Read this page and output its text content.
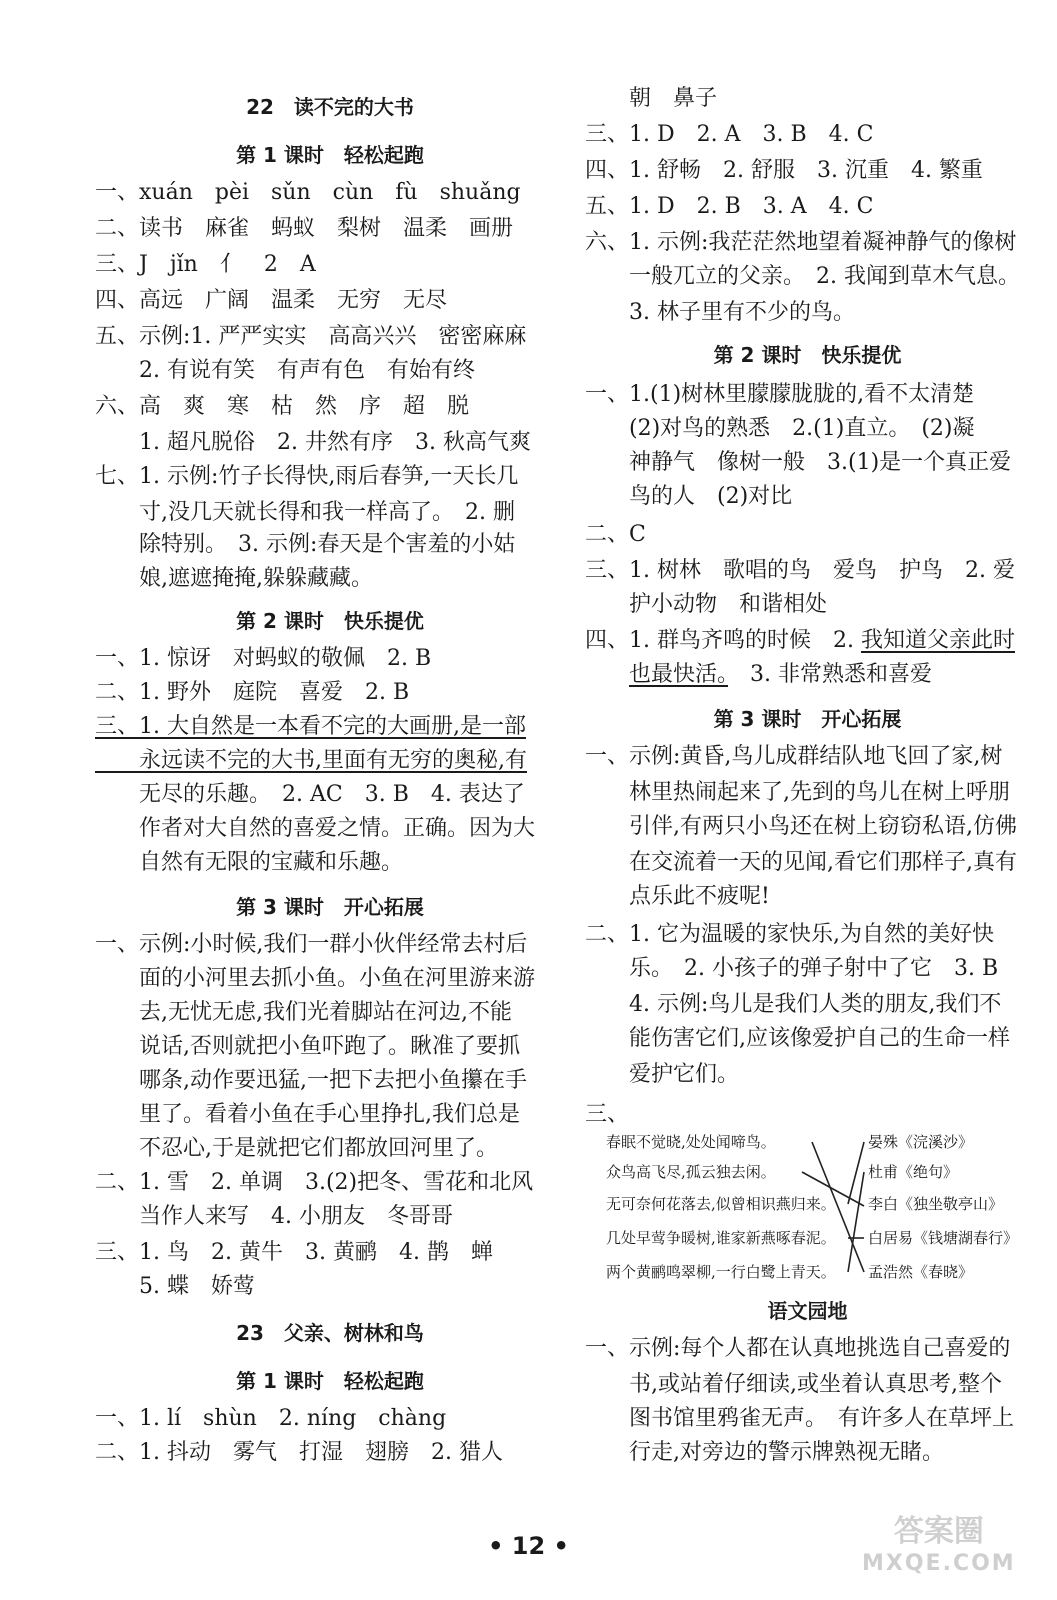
22　读不完的大书
第 1 课时　轻松起跑
一、xuán　pèi　sǔn　cùn　fù　shuǎng
二、读书　麻雀　蚂蚁　梨树　温柔　画册
三、J　jǐn　亻　2　A
四、高远　广阔　温柔　无穷　无尽
五、示例:1. 严严实实　高高兴兴　密密麻麻
　　2. 有说有笑　有声有色　有始有终
六、高　爽　寒　枯　然　序　超　脱
　　1. 超凡脱俗　2. 井然有序　3. 秋高气爽
七、1. 示例:竹子长得快,雨后春笋,一天长几
　　寸,没几天就长得和我一样高了。　2. 删
　　除特别。　3. 示例:春天是个害羞的小姑
　　娘,遮遮掩掩,躲躲藏藏。
第 2 课时　快乐提优
一、1. 惊讶　对蚂蚁的敬佩　2. B
二、1. 野外　庭院　喜爱　2. B
三、1. 大自然是一本看不完的大画册,是一部
　　永远读不完的大书,里面有无穷的奥秘,有
　　无尽的乐趣。　2. AC　3. B　4. 表达了
　　作者对大自然的喜爱之情。正确。因为大
　　自然有无限的宝藏和乐趣。
第 3 课时　开心拓展
一、示例:小时候,我们一群小伙伴经常去村后
　　面的小河里去抓小鱼。小鱼在河里游来游
　　去,无忧无虑,我们光着脚站在河边,不能
　　说话,否则就把小鱼吓跑了。瞅准了要抓
　　哪条,动作要迅猛,一把下去把小鱼攥在手
　　里了。看着小鱼在手心里挣扎,我们总是
　　不忍心,于是就把它们都放回河里了。
二、1. 雪　2. 单调　3.(2)把冬、雪花和北风
　　当作人来写　4. 小朋友　冬哥哥
三、1. 鸟　2. 黄牛　3. 黄鹂　4. 鹊　蝉
　　5. 蝶　娇莺
23　父亲、树林和鸟
第 1 课时　轻松起跑
一、1. lí　shùn　2. níng　chàng
二、1. 抖动　雾气　打湿　翅膀　2. 猎人
　　朝　鼻子
三、1. D　2. A　3. B　4. C
四、1. 舒畅　2. 舒服　3. 沉重　4. 繁重
五、1. D　2. B　3. A　4. C
六、1. 示例:我茫茫然地望着凝神静气的像树
　　一般兀立的父亲。　2. 我闻到草木气息。
　　3. 林子里有不少的鸟。
第 2 课时　快乐提优
一、1.(1)树林里朦朦胧胧的,看不太清楚
　　(2)对鸟的熟悉　2.(1)直立。　(2)凝
　　神静气　像树一般　3.(1)是一个真正爱
　　鸟的人　(2)对比
二、C
三、1. 树林　歌唱的鸟　爱鸟　护鸟　2. 爱
　　护小动物　和谐相处
四、1. 群鸟齐鸣的时候　2. 我知道父亲此时
　　也最快活。　3. 非常熟悉和喜爱
第 3 课时　开心拓展
一、示例:黄昏,鸟儿成群结队地飞回了家,树
　　林里热闹起来了,先到的鸟儿在树上呼朋
　　引伴,有两只小鸟还在树上窃窃私语,仿佛
　　在交流着一天的见闻,看它们那样子,真有
　　点乐此不疲呢!
二、1. 它为温暖的家快乐,为自然的美好快
　　乐。　2. 小孩子的弹子射中了它　3. B
　　4. 示例:鸟儿是我们人类的朋友,我们不
　　能伤害它们,应该像爱护自己的生命一样
　　爱护它们。
三、
语文园地
一、示例:每个人都在认真地挑选自己喜爱的
　　书,或站着仔细读,或坐着认真思考,整个
　　图书馆里鸦雀无声。　有许多人在草坪上
　　行走,对旁边的警示牌熟视无睹。
春眠不觉晓,处处闻啼鸟。
众鸟高飞尽,孤云独去闲。
无可奈何花落去,似曾相识燕归来。
几处早莺争暖树,谁家新燕啄春泥。
两个黄鹂鸣翠柳,一行白鹭上青天。
晏殊《浣溪沙》
杜甫《绝句》
李白《独坐敬亭山》
白居易《钱塘湖春行》
孟浩然《春晓》
• 12 •	答案圈
MXQE.COM
